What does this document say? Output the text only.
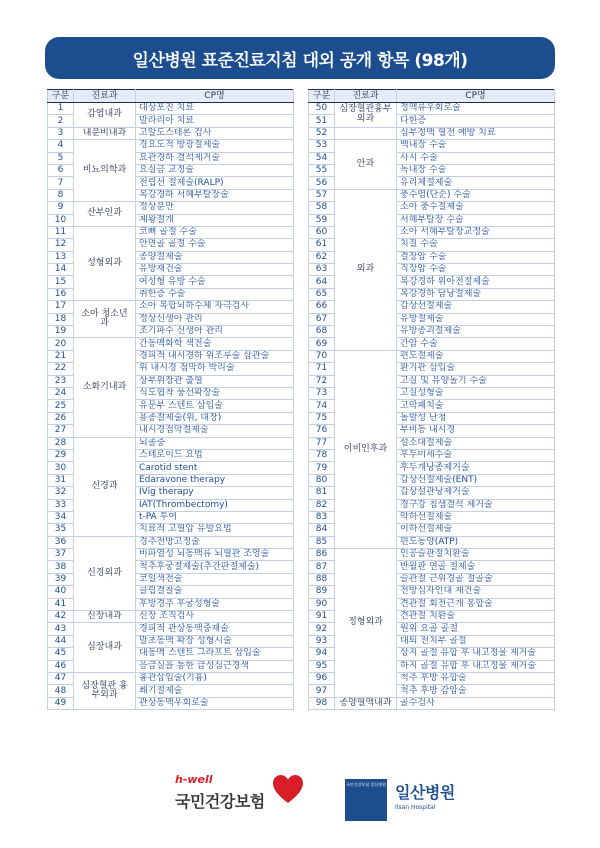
일산병원 표준진료지침 대외 공개 항목 (98개)
구분	진료과	CP명
1	감염내과	대상포진 치료
2		말라리아 치료
3	내분비내과	고알도스테론 검사
4	비뇨의학과	경요도적 방광절제술
5		요관경하 결석제거술
6		요실금 교정술
7		전립선 절제술(RALP)
8		복강경하 서혜부탈장술
9	산부인과	정상분만
10		제왕절개
11	성형외과	코뼈 골절 수술
12		안면골 골절 수술
13		종양절제술
14		유방재건술
15		여성형 유방 수술
16		취한증 수술
17	소아 청소년과	소아 복합뇌하수체 자극검사
18		정상신생아 관리
19		조기파수 신생아 관리
20	소화기내과	간동맥화학 색전술
21		경피적 내시경하 위조루술 삽관술
22		위 내시경 점막하 박리술
23		상부위장관 출혈
24		식도협착 풍선확장술
25		유문부 스텐트 삽입술
26		용종절제술(위, 대장)
27		내시경점막절제술
28	신경과	뇌졸중
29		스테로이드 요법
30		Carotid stent
31		Edaravone therapy
32		IVig therapy
33		IAT(Thrombectomy)
34		t-PA 투여
35		치료적 고혈압 유발요법
36	신경외과	경추전방고정술
37		비파열성 뇌동맥류 뇌혈관 조영술
38		척추후궁절제술(추간판절제술)
39		코일색전술
40		클립결찰술
41		후방경추 후궁성형술
42	신장내과	신장 조직검사
43	심장내과	경피적 관상동맥중재술
44		말초동맥 확장 성형시술
45		대동맥 스텐트 그라프트 삽입술
46		응급실을 통한 급성심근경색
47	심장혈관 흉부외과	흉관삽입술(기흉)
48		쐐기절제술
49		관상동맥우회로술
구분	진료과	CP명
50	심장혈관흉부 외과	정맥류우회로술
51		다한증
52		심부정맥 혈전 예방 치료
53	안과	백내장 수술
54		사시 수술
55		녹내장 수술
56		유리체절제술
57	외과	충수염(단순) 수술
58		소아 충수절제술
59		서혜부탈장 수술
60		소아 서혜부탈장교정술
61		치질 수술
62		결장암 수술
63		직장암 수술
64		복강경하 위아전절제술
65		복강경하 담낭절제술
66		갑상선절제술
67		유방절제술
68		유방종괴절제술
69		간암 수술
70	이비인후과	편도절제술
71		환기관 삽입술
72		고실 및 유양돌기 수술
73		고실성형술
74		고막패치술
75		돌발성 난청
76		부비동 내시경
77		설소대절제술
78		후두미세수술
79		후두개낭종제거술
80		갑상선절제술(ENT)
81		갑상설관낭제거술
82		경구강 침샘결석 제거술
83		악하선절제술
84		이하선절제술
85		편도농양(ATP)
86	정형외과	인공슬관절치환술
87		반월판 연골 절제술
88		슬관절 근위경골 절골술
89		전방십자인대 재건술
90		견관절 회전근개 봉합술
91		견관절 치환술
92		원위 요골 골절
93		대퇴 전치부 골절
94		상지 골절 유합 후 내고정물 제거술
95		하지 골절 유합 후 내고정물 제거술
96		척추 후방 유합술
97		척추 후방 감압술
98	종양혈액내과	골수검사
h-well
국민건강보험
국민건강보험 일산병원 일산병원
Ilsan Hospital
